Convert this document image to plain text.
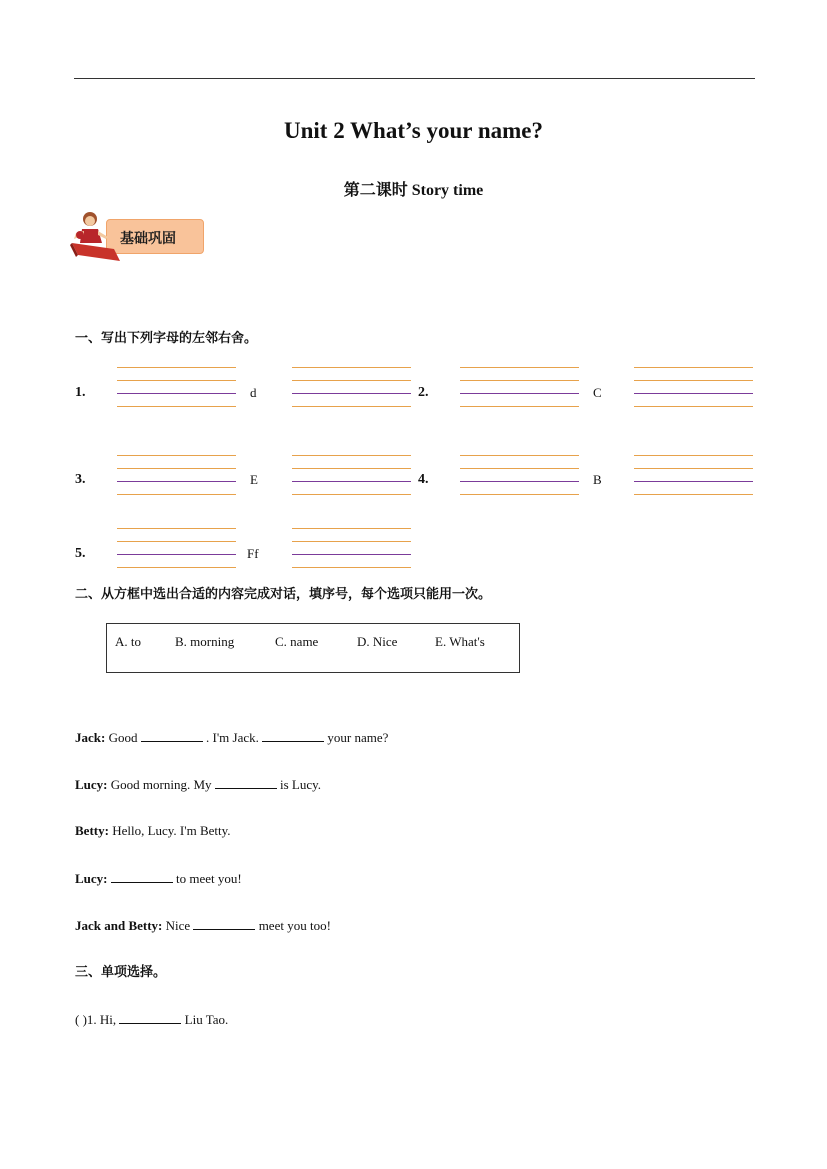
Unit 2 What’s your name?
第二课时 Story time
基础巩固
一、写出下列字母的左邻右舍。
1.	d	2.	C
3.	E	4.	B
5.	Ff
二、从方框中选出合适的内容完成对话，填序号，每个选项只能用一次。
A. to	B. morning	C. name	D. Nice	E. What's
Jack: Good	. I'm Jack.	your name?
Lucy: Good morning. My	is Lucy.
Betty: Hello, Lucy. I'm Betty.
Lucy:	to meet you!
Jack and Betty: Nice	meet you too!
三、单项选择。
( )1. Hi,	Liu Tao.
